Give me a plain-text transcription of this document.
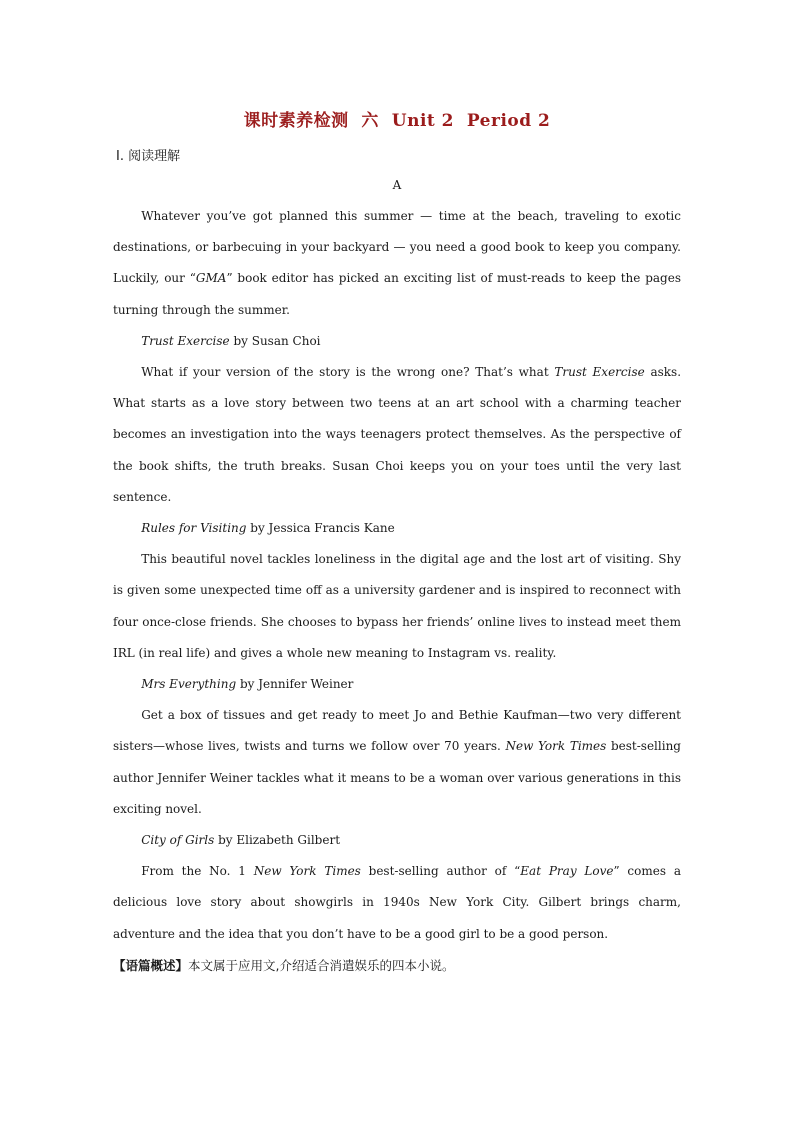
课时素养检测  六  Unit 2  Period 2
Ⅰ. 阅读理解
A

Whatever you’ve got planned this summer — time at the beach, traveling to exotic destinations, or barbecuing in your backyard — you need a good book to keep you company. Luckily, our “GMA” book editor has picked an exciting list of must-reads to keep the pages turning through the summer.

Trust Exercise by Susan Choi

What if your version of the story is the wrong one? That’s what Trust Exercise asks. What starts as a love story between two teens at an art school with a charming teacher becomes an investigation into the ways teenagers protect themselves. As the perspective of the book shifts, the truth breaks. Susan Choi keeps you on your toes until the very last sentence.

Rules for Visiting by Jessica Francis Kane

This beautiful novel tackles loneliness in the digital age and the lost art of visiting. Shy is given some unexpected time off as a university gardener and is inspired to reconnect with four once-close friends. She chooses to bypass her friends’ online lives to instead meet them IRL (in real life) and gives a whole new meaning to Instagram vs. reality.

Mrs Everything by Jennifer Weiner

Get a box of tissues and get ready to meet Jo and Bethie Kaufman—two very different sisters—whose lives, twists and turns we follow over 70 years. New York Times best-selling author Jennifer Weiner tackles what it means to be a woman over various generations in this exciting novel.

City of Girls by Elizabeth Gilbert

From the No. 1 New York Times best-selling author of “Eat Pray Love” comes a delicious love story about showgirls in 1940s New York City. Gilbert brings charm, adventure and the idea that you don’t have to be a good girl to be a good person.

【语篇概述】本文属于应用文,介绍适合消遣娱乐的四本小说。
